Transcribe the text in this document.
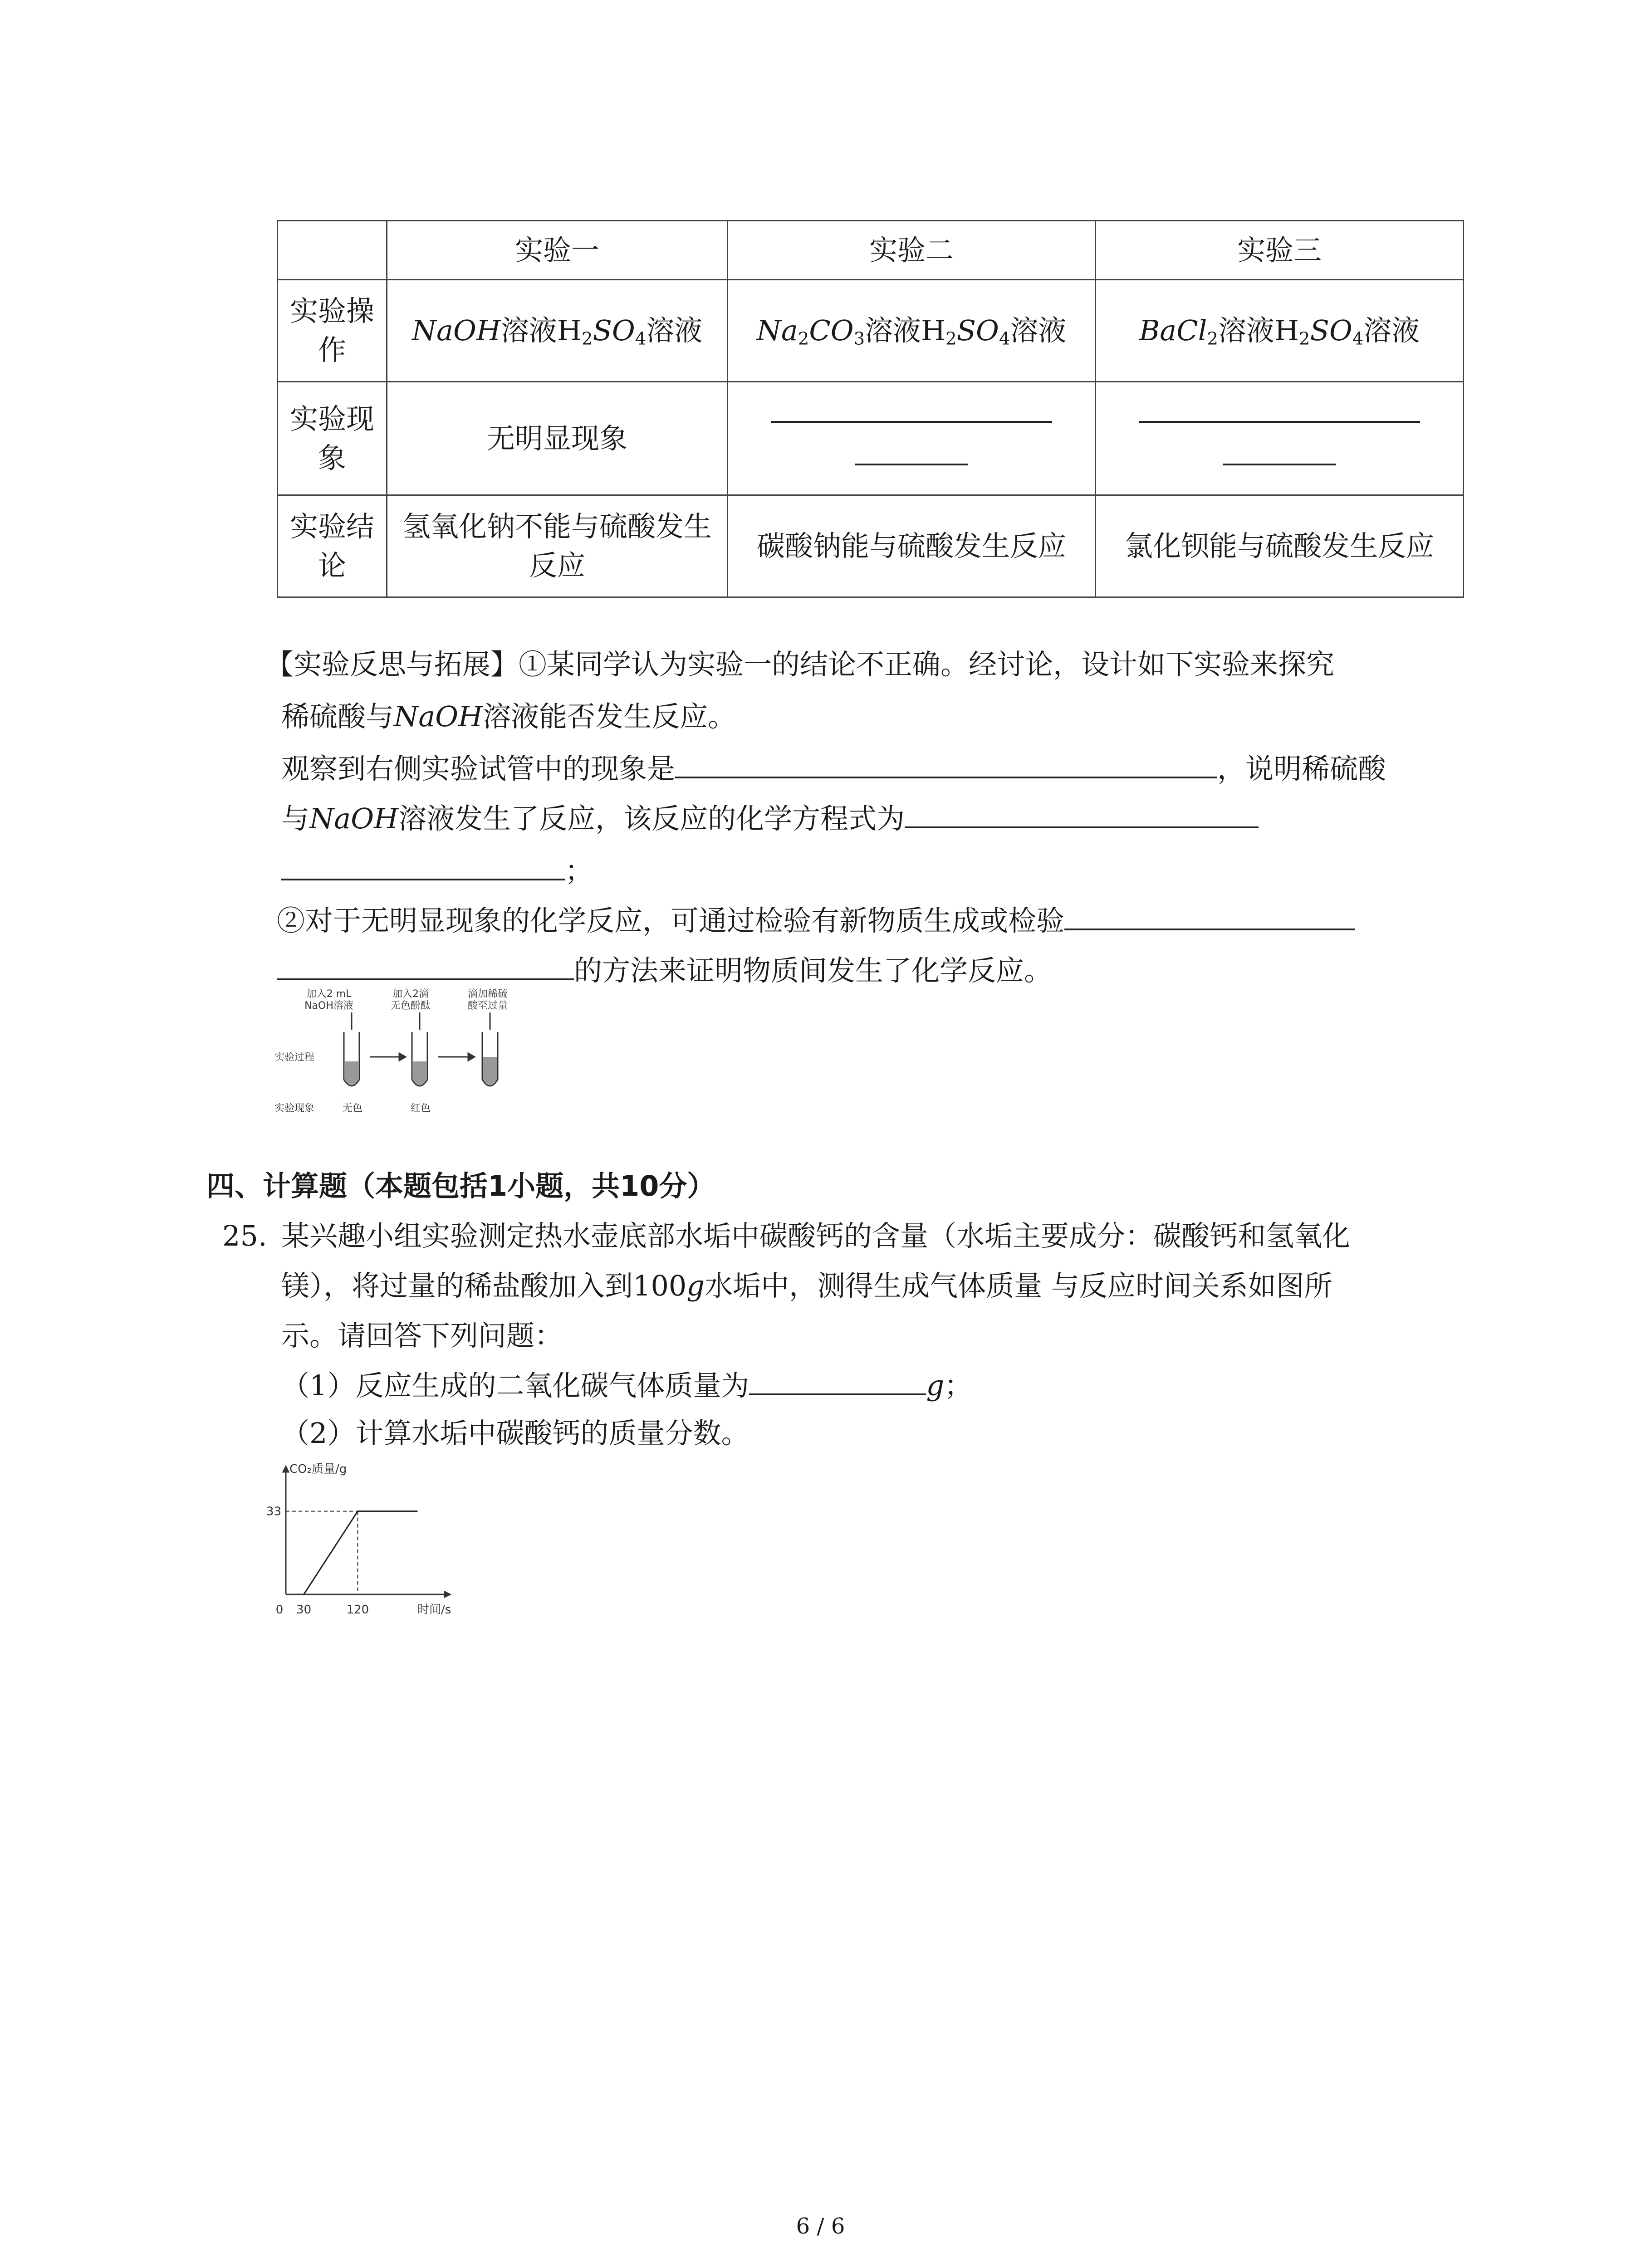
	实验一	实验二	实验三
实验操作	NaOH溶液$H_2SO_4$溶液	$Na_2CO_3$溶液$H_2SO_4$溶液	BaCl$_2$溶液$H_2SO_4$溶液
实验现象	无明显现象	

实验结论	氢氧化钠不能与硫酸发生反应	碳酸钠能与硫酸发生反应	氯化钡能与硫酸发生反应
【实验反思与拓展】①某同学认为实验一的结论不正确。经讨论，设计如下实验来探究
稀硫酸与NaOH溶液能否发生反应。
观察到右侧实验试管中的现象是	，说明稀硫酸
与NaOH溶液发生了反应，该反应的化学方程式为
；
②对于无明显现象的化学反应，可通过检验有新物质生成或检验
的方法来证明物质间发生了化学反应。
加入2 mL
NaOH溶液
加入2滴
无色酚酞
滴加稀硫
酸至过量
实验过程
实验现象	无色	红色
四、计算题（本题包括1小题，共10分）
25. 某兴趣小组实验测定热水壶底部水垢中碳酸钙的含量（水垢主要成分：碳酸钙和氢氧化
镁），将过量的稀盐酸加入到100g水垢中，测得生成气体质量 与反应时间关系如图所
示。请回答下列问题：
（1）反应生成的二氧化碳气体质量为	g；
（2）计算水垢中碳酸钙的质量分数。
CO₂质量/g
时间/s
0 30	120
33
6 / 6
